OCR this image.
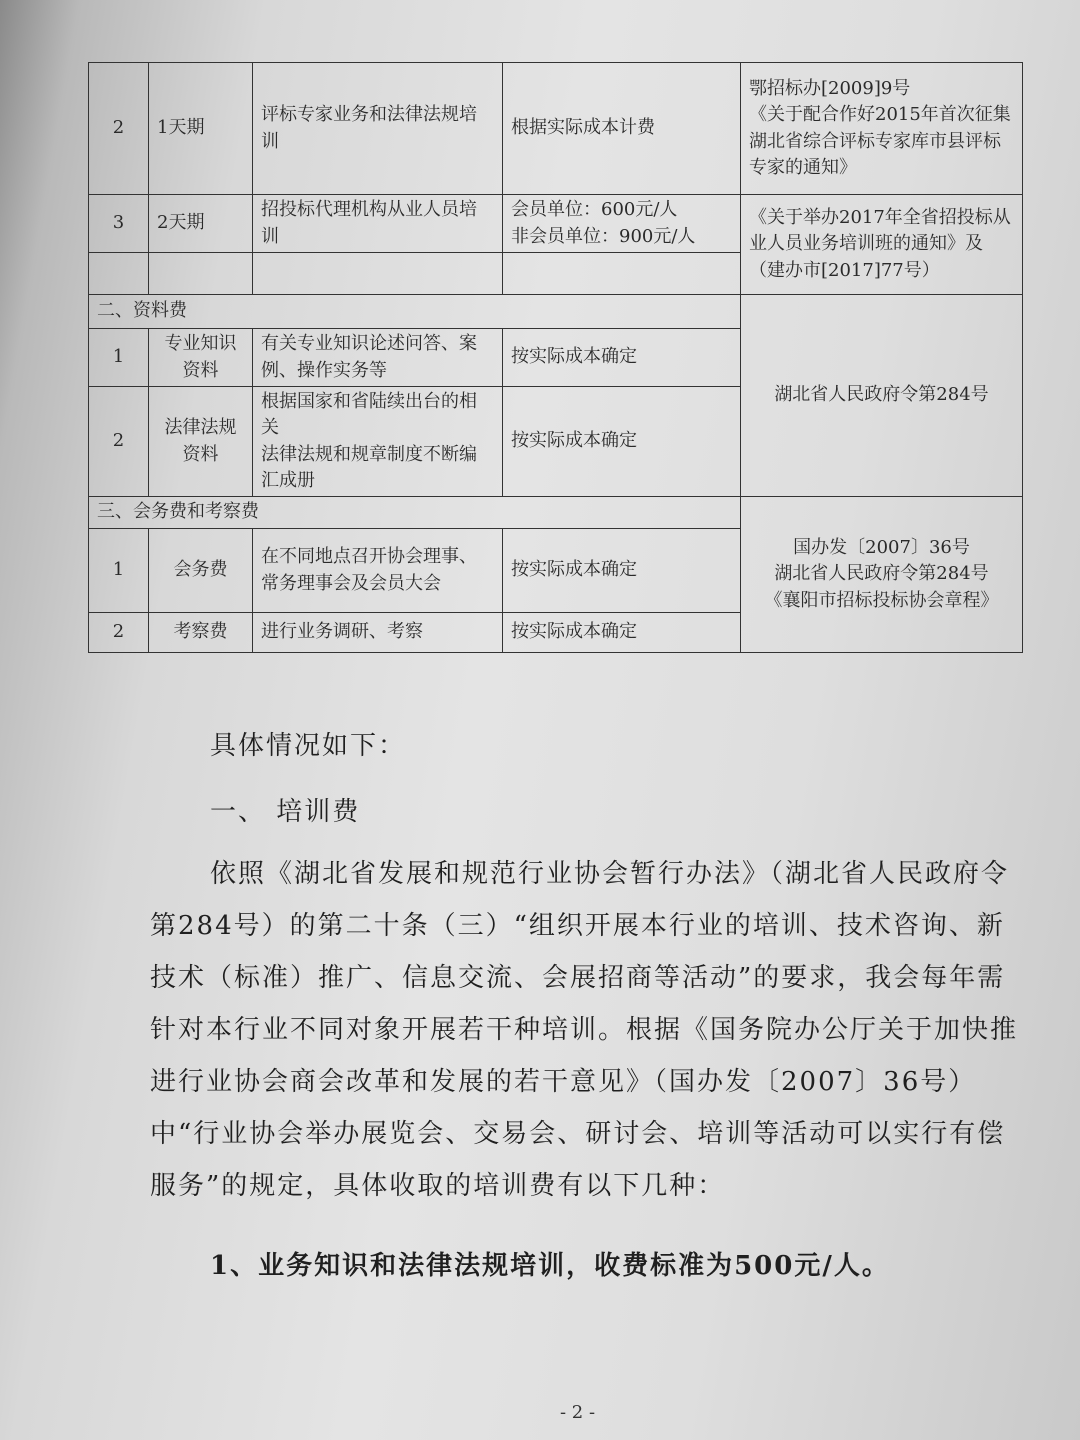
2	1天期	评标专家业务和法律法规培训	根据实际成本计费	鄂招标办[2009]9号
《关于配合作好2015年首次征集湖北省综合评标专家库市县评标专家的通知》

3	2天期	招投标代理机构从业人员培训	会员单位：600元/人
非会员单位：900元/人	《关于举办2017年全省招投标从业人员业务培训班的通知》及（建办市[2017]77号）

二、资料费				湖北省人民政府令第284号
1	专业知识资料	有关专业知识论述问答、案例、操作实务等	按实际成本确定	
2	法律法规资料	根据国家和省陆续出台的相关
法律法规和规章制度不断编汇成册	按实际成本确定	
三、会务费和考察费				国办发〔2007〕36号
湖北省人民政府令第284号
《襄阳市招标投标协会章程》

1	会务费	在不同地点召开协会理事、常务理事会及会员大会	按实际成本确定	
2	考察费	进行业务调研、考察	按实际成本确定	

具体情况如下：

一、 培训费

依照《湖北省发展和规范行业协会暂行办法》（湖北省人民政府令第284号）的第二十条（三）“组织开展本行业的培训、技术咨询、新技术（标准）推广、信息交流、会展招商等活动”的要求，我会每年需针对本行业不同对象开展若干种培训。根据《国务院办公厅关于加快推进行业协会商会改革和发展的若干意见》（国办发〔2007〕36号）中“行业协会举办展览会、交易会、研讨会、培训等活动可以实行有偿服务”的规定，具体收取的培训费有以下几种：

1、业务知识和法律法规培训，收费标准为500元/人。

- 2 -
